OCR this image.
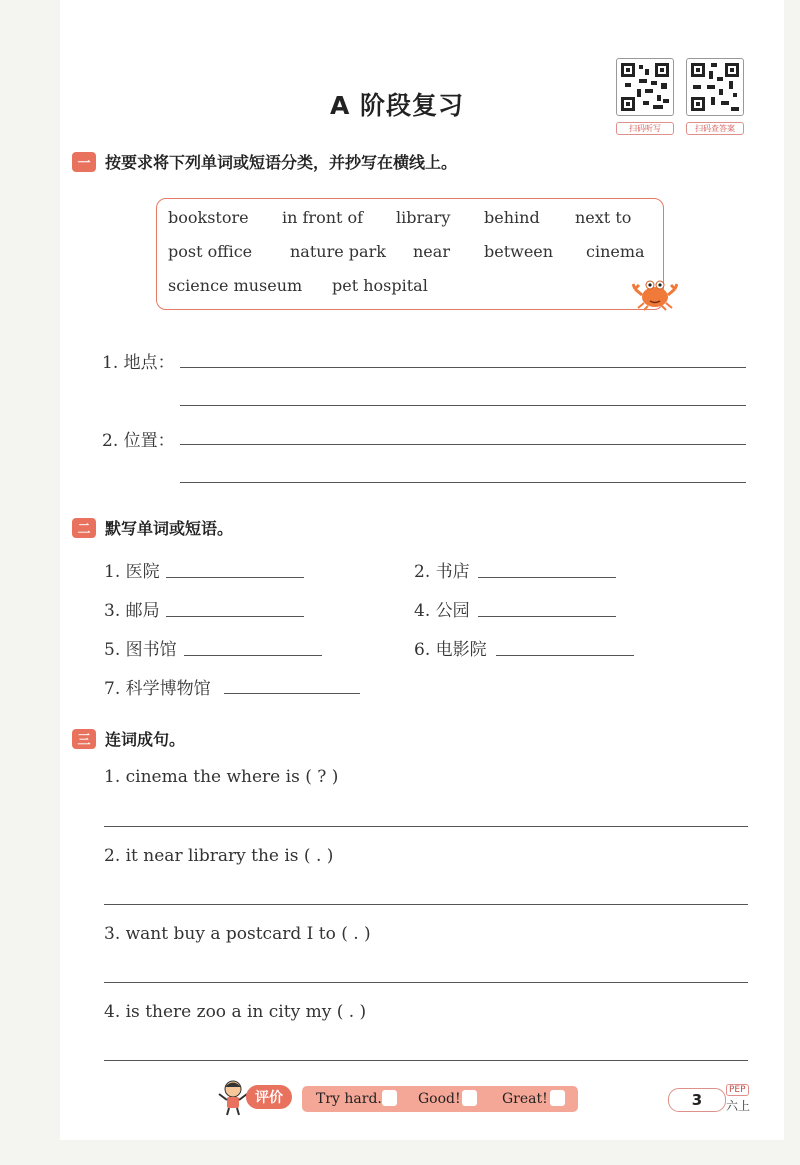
A 阶段复习
扫码听写	扫码查答案
一 按要求将下列单词或短语分类，并抄写在横线上。
bookstore in front of library behind next to
post office nature park near between cinema
science museum pet hospital
1. 地点：
2. 位置：
二 默写单词或短语。
1. 医院	2. 书店
3. 邮局	4. 公园
5. 图书馆	6. 电影院
7. 科学博物馆
三 连词成句。
1. cinema the where is ( ? )
2. it near library the is ( . )
3. want buy a postcard I to ( . )
4. is there zoo a in city my ( . )
评价	Try hard.	Good!	Great!	3
PEP
六上
